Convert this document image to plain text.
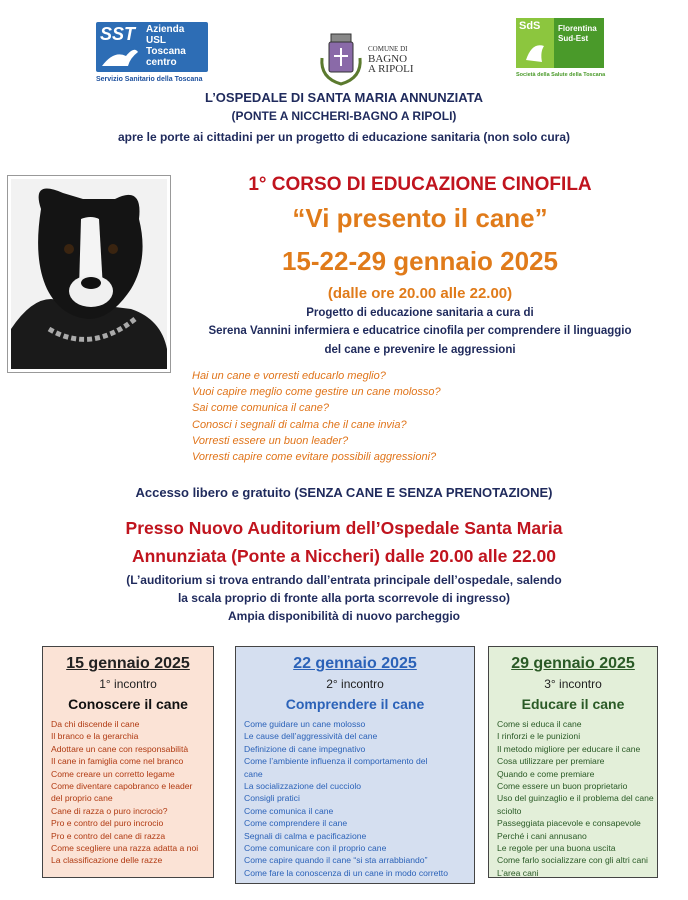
SST Azienda
USL
Toscana
centro
Servizio Sanitario della Toscana
COMUNE DI
BAGNO
A RIPOLI
SdS Florentina
Sud-Est
Società della Salute della Toscana
L’OSPEDALE DI SANTA MARIA ANNUNZIATA
(PONTE A NICCHERI-BAGNO A RIPOLI)
apre le porte ai cittadini per un progetto di educazione sanitaria (non solo cura)
1° CORSO DI EDUCAZIONE CINOFILA
“Vi presento il cane”
15-22-29 gennaio 2025
(dalle ore 20.00 alle 22.00)
Progetto di educazione sanitaria a cura di
Serena Vannini infermiera e educatrice cinofila per comprendere il linguaggio
del cane e prevenire le aggressioni
Hai un cane e vorresti educarlo meglio?
Vuoi capire meglio come gestire un cane molosso?
Sai come comunica il cane?
Conosci i segnali di calma che il cane invia?
Vorresti essere un buon leader?
Vorresti capire come evitare possibili aggressioni?
Accesso libero e gratuito (SENZA CANE E SENZA PRENOTAZIONE)
Presso Nuovo Auditorium dell’Ospedale Santa Maria
Annunziata (Ponte a Niccheri) dalle 20.00 alle 22.00
(L’auditorium si trova entrando dall’entrata principale dell’ospedale, salendo
la scala proprio di fronte alla porta scorrevole di ingresso)
Ampia disponibilità di nuovo parcheggio
15 gennaio 2025
1° incontro
Conoscere il cane
Da chi discende il cane
Il branco e la gerarchia
Adottare un cane con responsabilità
Il cane in famiglia come nel branco
Come creare un corretto legame
Come diventare capobranco e leader
del proprio cane
Cane di razza o puro incrocio?
Pro e contro del puro incrocio
Pro e contro del cane di razza
Come scegliere una razza adatta a noi
La classificazione delle razze
22 gennaio 2025
2° incontro
Comprendere il cane
Come guidare un cane molosso
Le cause dell’aggressività del cane
Definizione di cane impegnativo
Come l’ambiente influenza il comportamento del
cane
La socializzazione del cucciolo
Consigli pratici
Come comunica il cane
Come comprendere il cane
Segnali di calma e pacificazione
Come comunicare con il proprio cane
Come capire quando il cane “si sta arrabbiando”
Come fare la conoscenza di un cane in modo corretto
29 gennaio 2025
3° incontro
Educare il cane
Come si educa il cane
I rinforzi e le punizioni
Il metodo migliore per educare il cane
Cosa utilizzare per premiare
Quando e come premiare
Come essere un buon proprietario
Uso del guinzaglio e il problema del cane
sciolto
Passeggiata piacevole e consapevole
Perché i cani annusano
Le regole per una buona uscita
Come farlo socializzare con gli altri cani
L’area cani
